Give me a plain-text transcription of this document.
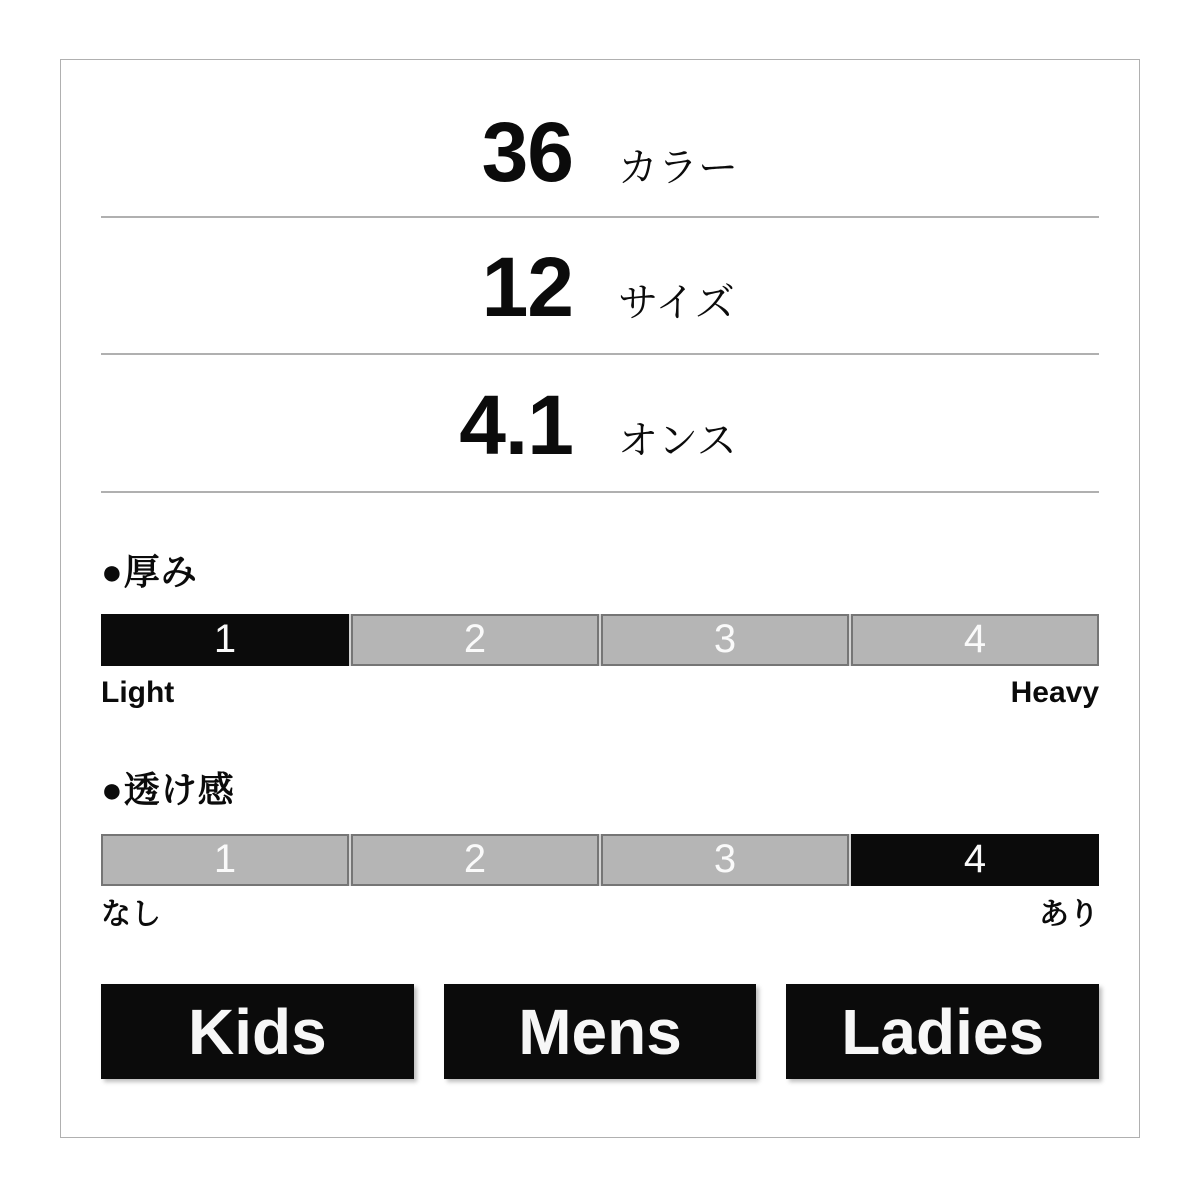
36 カラー
12 サイズ
4.1 オンス
●厚み
1	2	3	4
Light	Heavy
●透け感
1	2	3	4
なし	あり
Kids	Mens	Ladies
